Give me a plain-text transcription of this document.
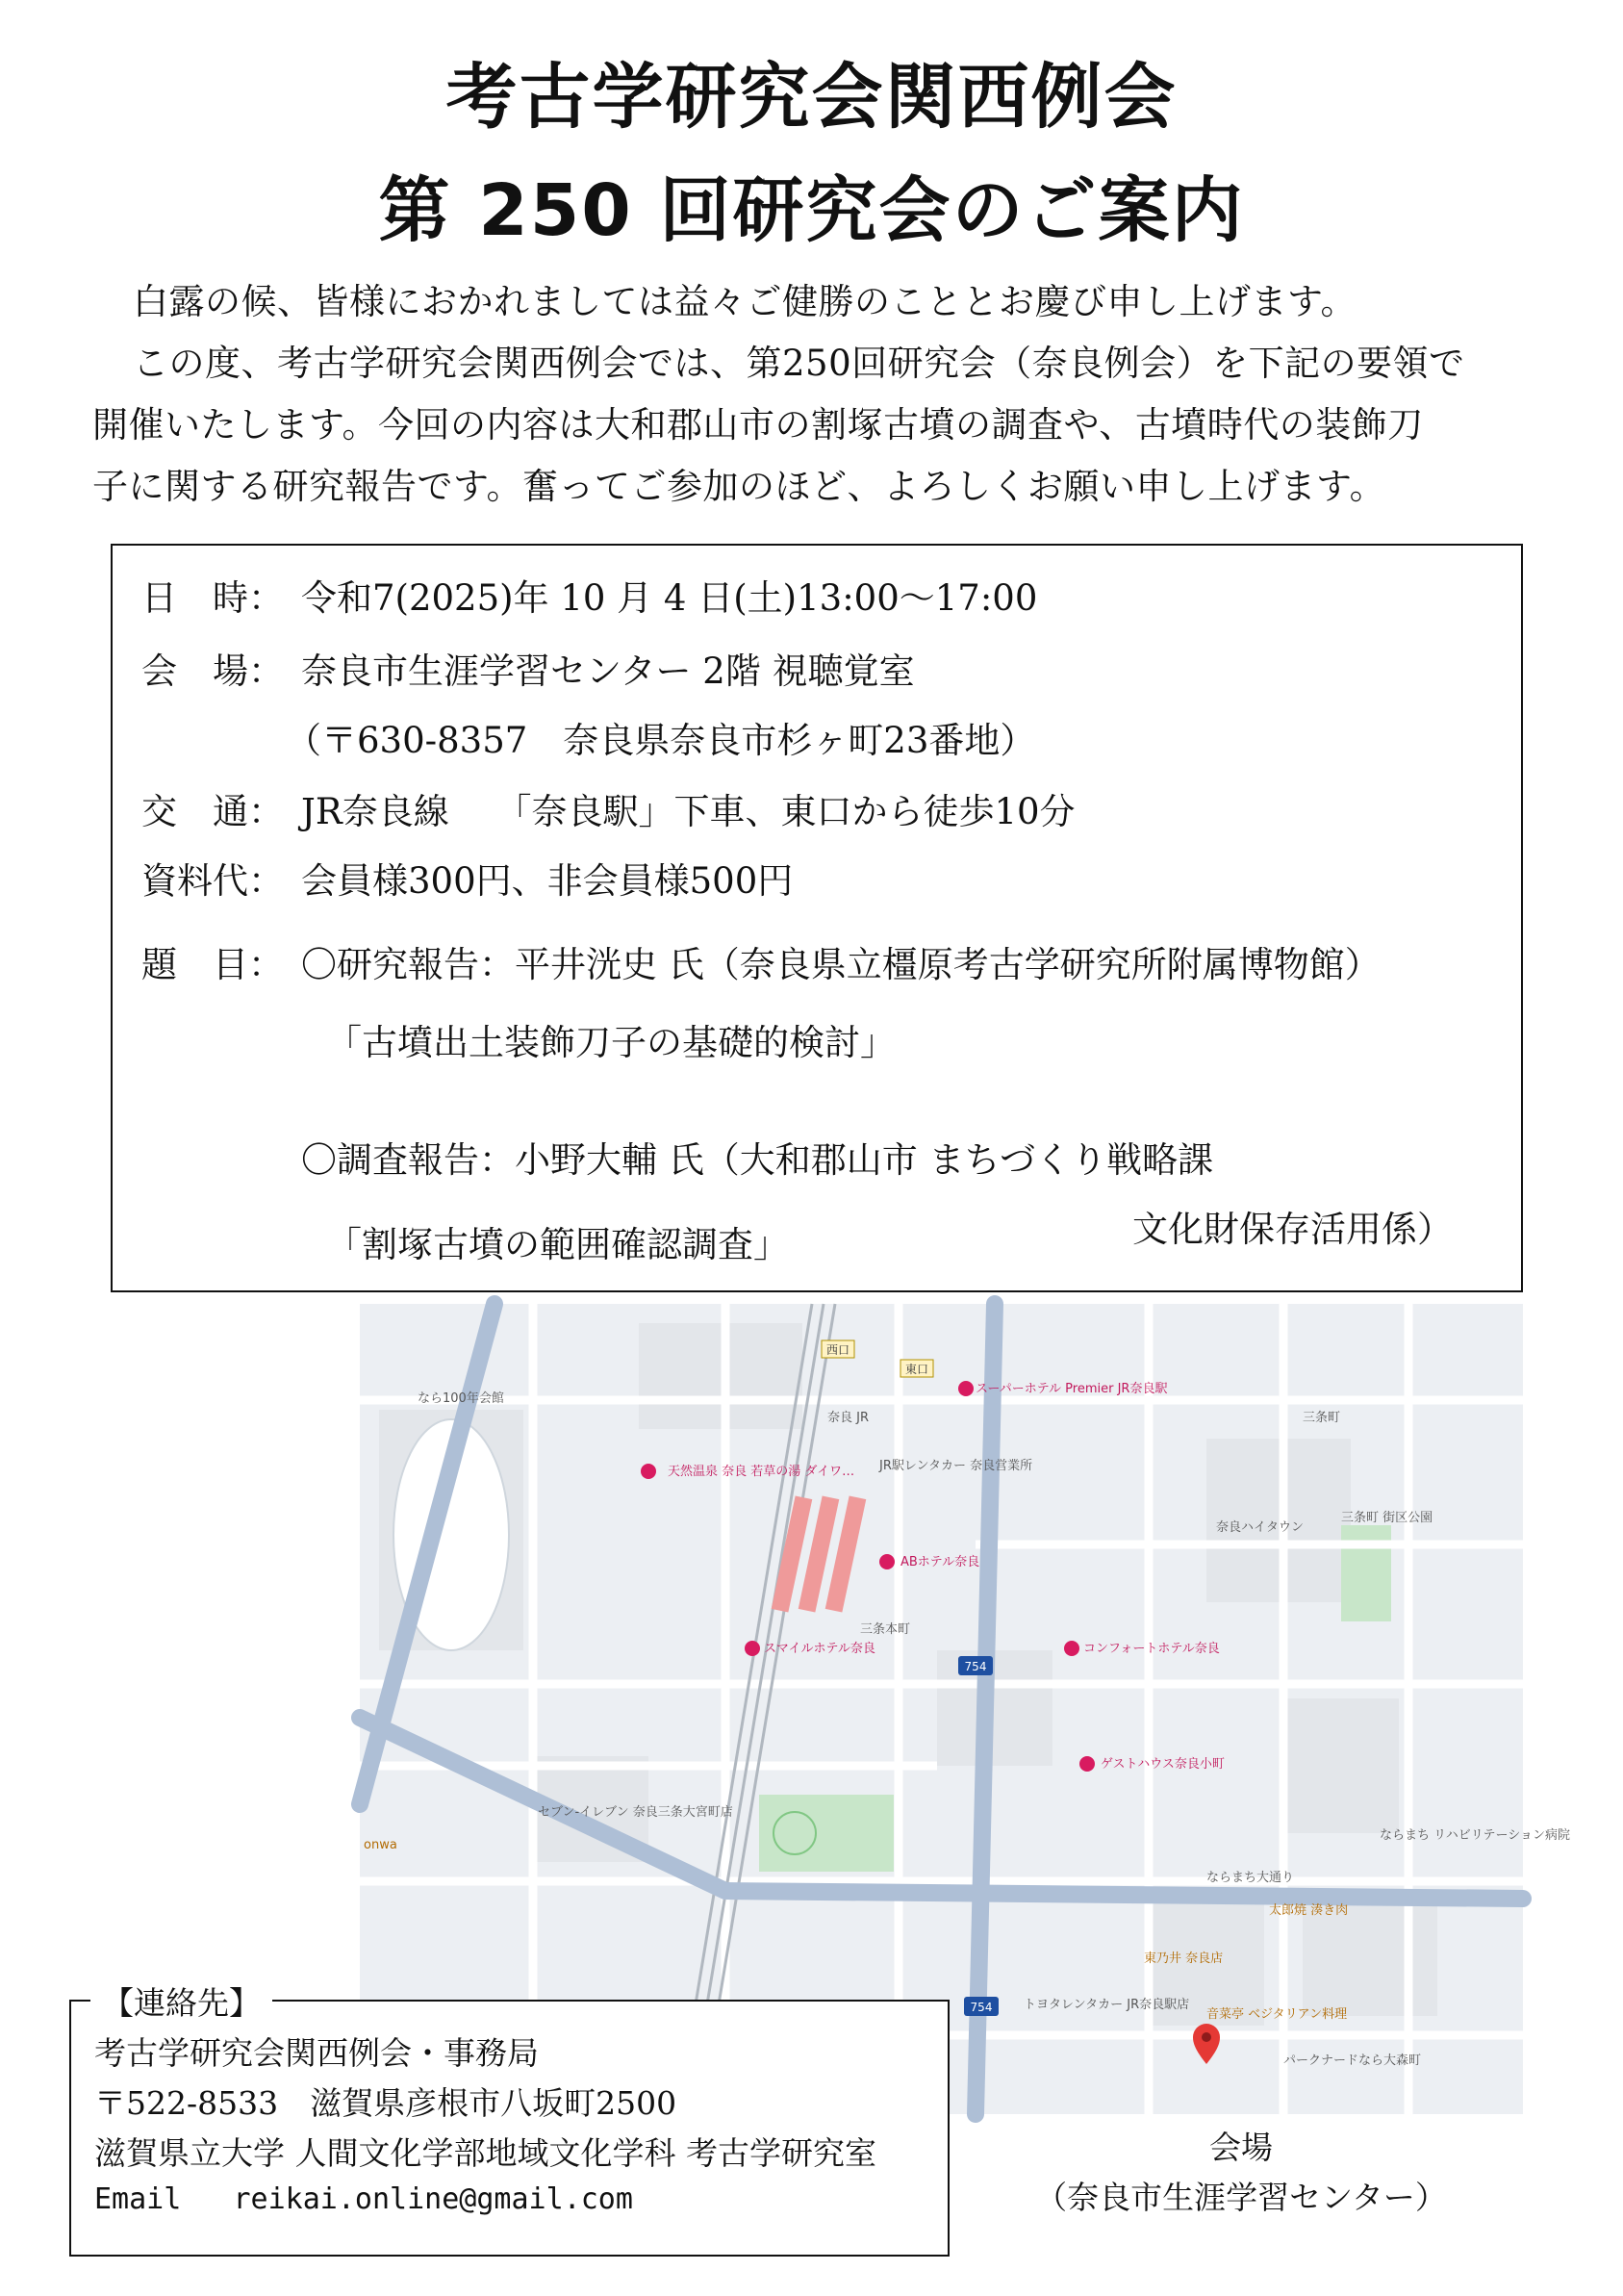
考古学研究会関西例会
第 250 回研究会のご案内

白露の候、皆様におかれましては益々ご健勝のこととお慶び申し上げます。

この度、考古学研究会関西例会では、第250回研究会（奈良例会）を下記の要領で

開催いたします。今回の内容は大和郡山市の割塚古墳の調査や、古墳時代の装飾刀

子に関する研究報告です。奮ってご参加のほど、よろしくお願い申し上げます。

日　時： 令和7(2025)年 10 月 4 日(土)13:00～17:00
会　場： 奈良市生涯学習センター 2階 視聴覚室
（〒630-8357　奈良県奈良市杉ヶ町23番地）
交　通： JR奈良線　 「奈良駅」下車、東口から徒歩10分
資料代： 会員様300円、非会員様500円
題　目： 〇研究報告：平井洸史 氏（奈良県立橿原考古学研究所附属博物館）
「古墳出土装飾刀子の基礎的検討」
〇調査報告：小野大輔 氏（大和郡山市 まちづくり戦略課
文化財保存活用係）
「割塚古墳の範囲確認調査」
754
754
西口
東口
なら100年会館
奈良 JR	三条町
三条本町
スーパーホテル Premier JR奈良駅
天然温泉 奈良 若草の湯 ダイワ…
ABホテル奈良
スマイルホテル奈良	コンフォートホテル奈良
ゲストハウス奈良小町
奈良ハイタウン
三条町 街区公園
セブン-イレブン 奈良三条大宮町店
ならまち大通り
ならまち リハビリテーション病院
太郎焼 湊き肉
トヨタレンタカー JR奈良駅店
パークナードなら大森町
JR駅レンタカー 奈良営業所
東乃井 奈良店
音菜亭 ベジタリアン料理
onwa
【連絡先】
考古学研究会関西例会・事務局
〒522-8533　滋賀県彦根市八坂町2500
滋賀県立大学 人間文化学部地域文化学科 考古学研究室
Email reikai.online@gmail.com
会場
（奈良市生涯学習センター）
